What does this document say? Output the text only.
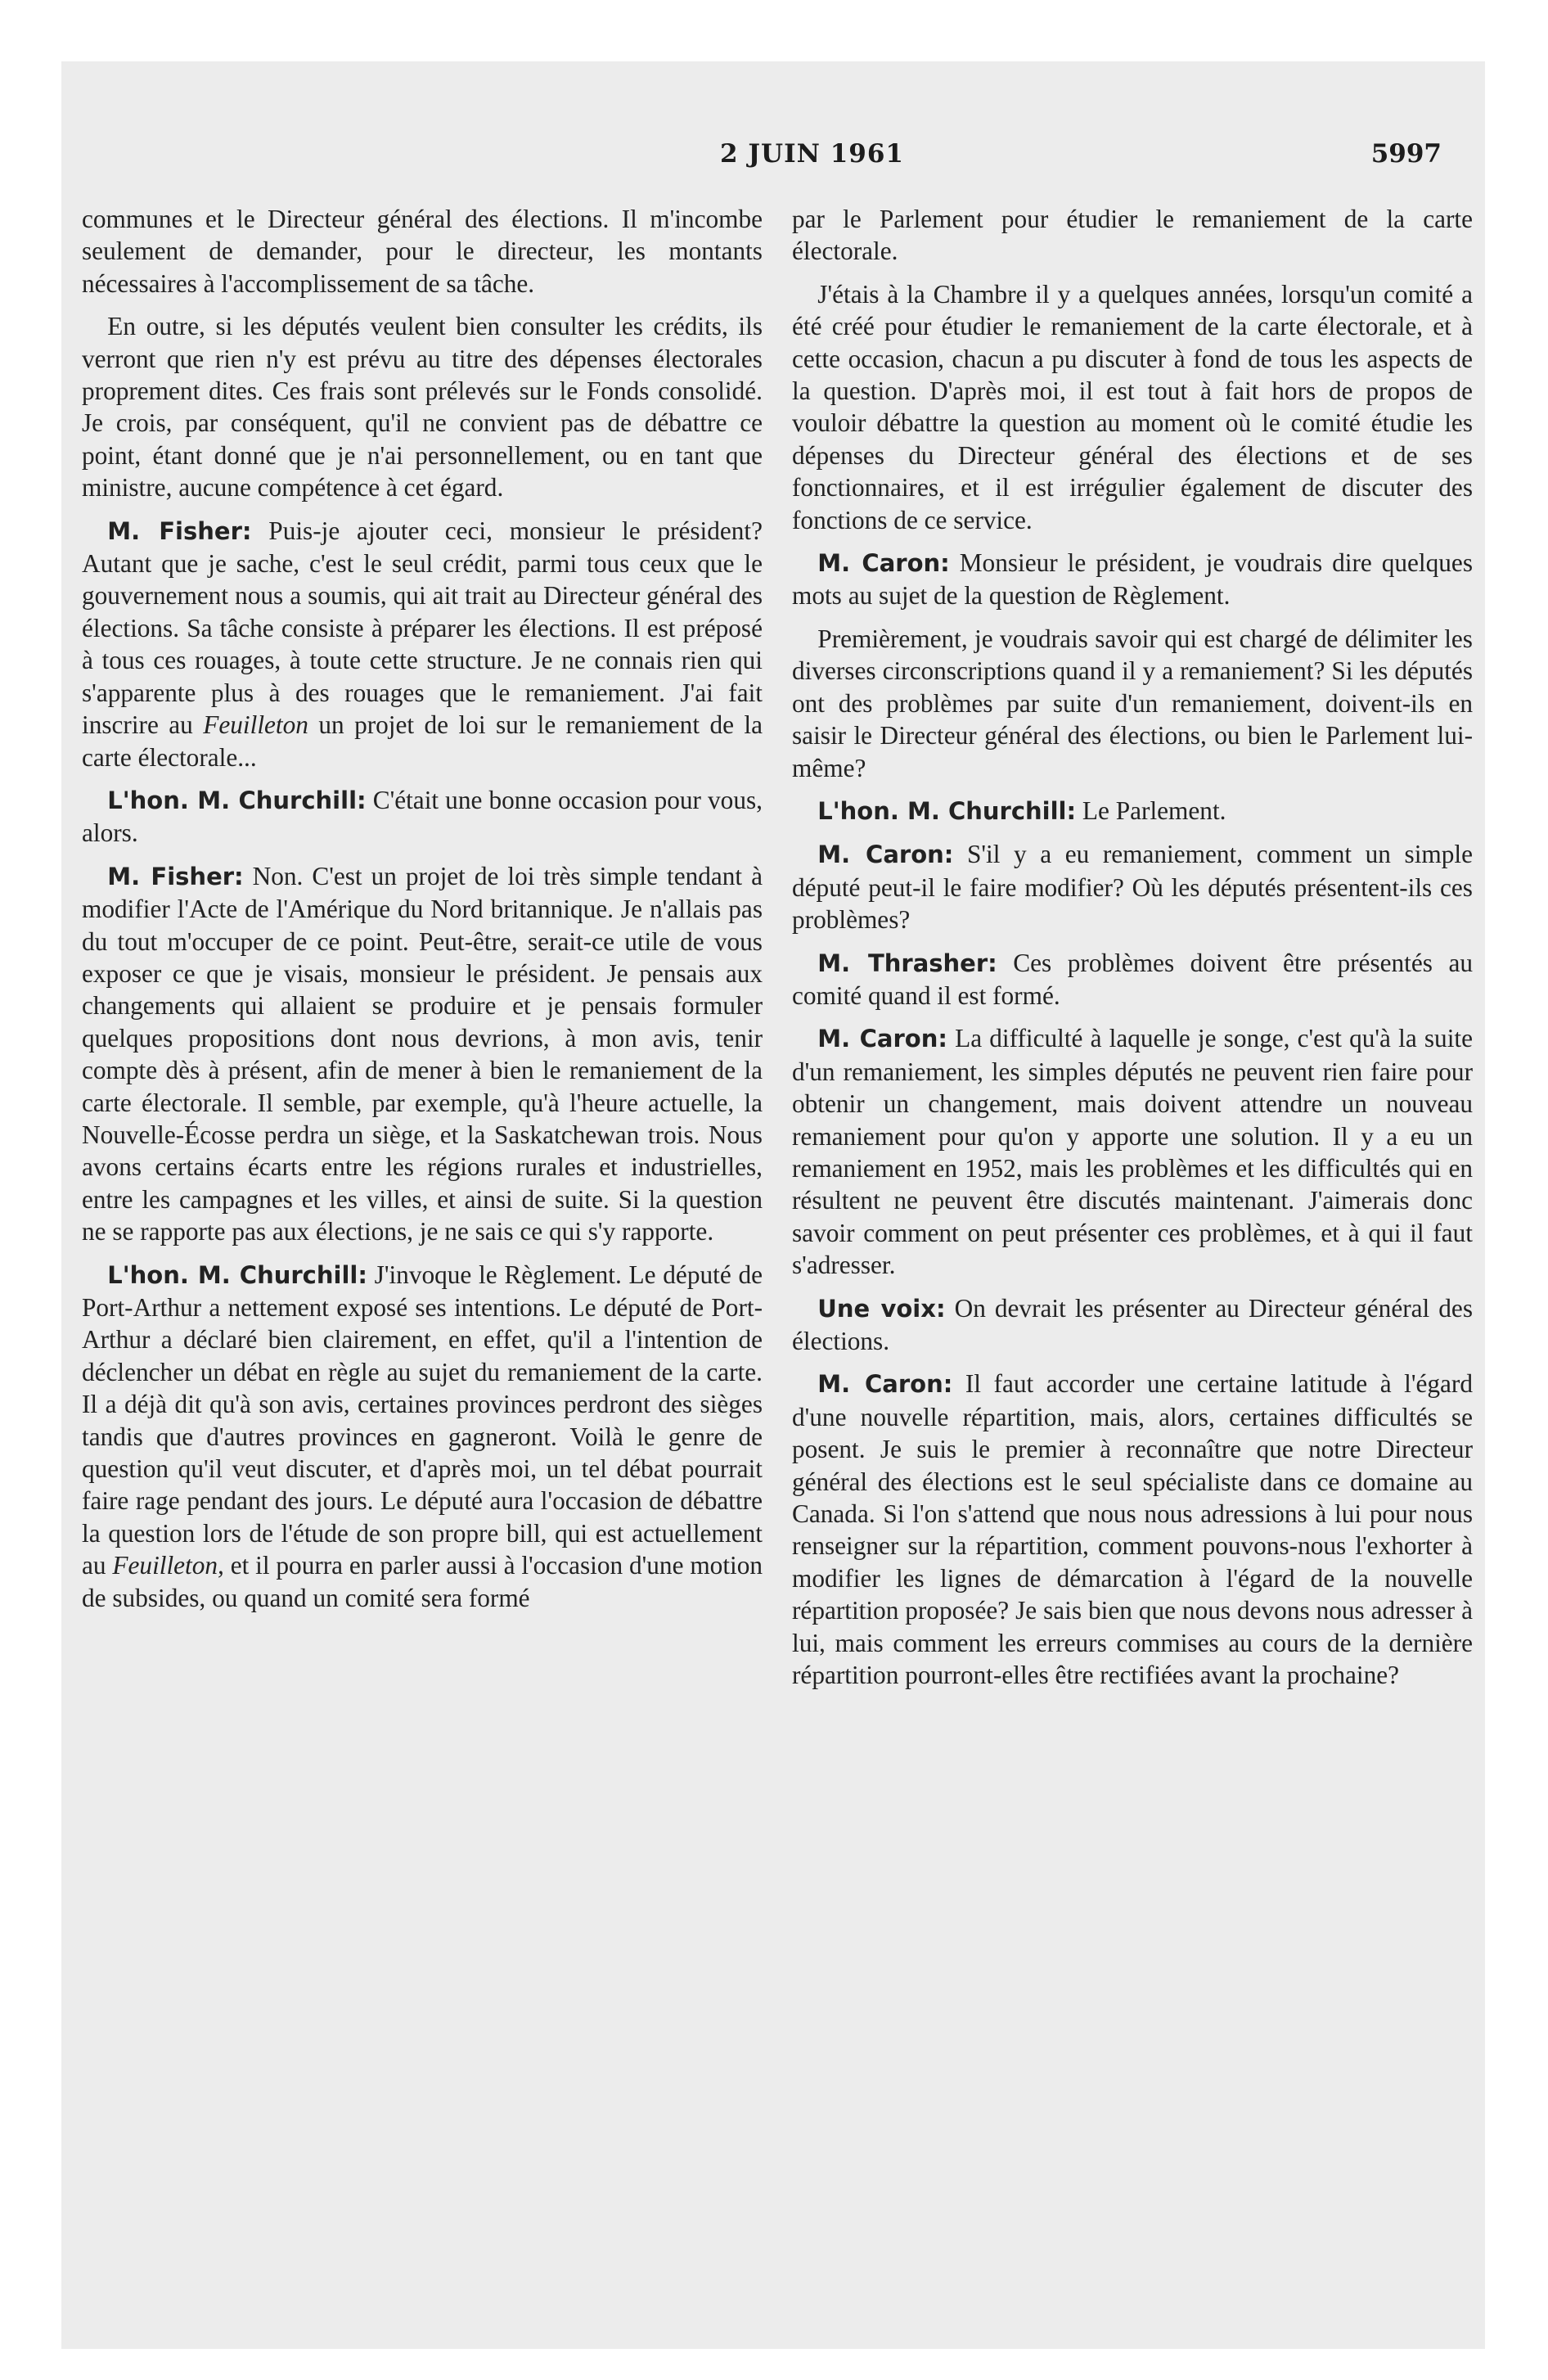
2 JUIN 1961	5997

communes et le Directeur général des élections. Il m'incombe seulement de demander, pour le directeur, les montants nécessaires à l'accomplissement de sa tâche.

En outre, si les députés veulent bien consulter les crédits, ils verront que rien n'y est prévu au titre des dépenses électorales proprement dites. Ces frais sont prélevés sur le Fonds consolidé. Je crois, par conséquent, qu'il ne convient pas de débattre ce point, étant donné que je n'ai personnellement, ou en tant que ministre, aucune compétence à cet égard.

M. Fisher: Puis-je ajouter ceci, monsieur le président? Autant que je sache, c'est le seul crédit, parmi tous ceux que le gouvernement nous a soumis, qui ait trait au Directeur général des élections. Sa tâche consiste à préparer les élections. Il est préposé à tous ces rouages, à toute cette structure. Je ne connais rien qui s'apparente plus à des rouages que le remaniement. J'ai fait inscrire au Feuilleton un projet de loi sur le remaniement de la carte électorale...

L'hon. M. Churchill: C'était une bonne occasion pour vous, alors.

M. Fisher: Non. C'est un projet de loi très simple tendant à modifier l'Acte de l'Amérique du Nord britannique. Je n'allais pas du tout m'occuper de ce point. Peut-être, serait-ce utile de vous exposer ce que je visais, monsieur le président. Je pensais aux changements qui allaient se produire et je pensais formuler quelques propositions dont nous devrions, à mon avis, tenir compte dès à présent, afin de mener à bien le remaniement de la carte électorale. Il semble, par exemple, qu'à l'heure actuelle, la Nouvelle-Écosse perdra un siège, et la Saskatchewan trois. Nous avons certains écarts entre les régions rurales et industrielles, entre les campagnes et les villes, et ainsi de suite. Si la question ne se rapporte pas aux élections, je ne sais ce qui s'y rapporte.

L'hon. M. Churchill: J'invoque le Règlement. Le député de Port-Arthur a nettement exposé ses intentions. Le député de Port-Arthur a déclaré bien clairement, en effet, qu'il a l'intention de déclencher un débat en règle au sujet du remaniement de la carte. Il a déjà dit qu'à son avis, certaines provinces perdront des sièges tandis que d'autres provinces en gagneront. Voilà le genre de question qu'il veut discuter, et d'après moi, un tel débat pourrait faire rage pendant des jours. Le député aura l'occasion de débattre la question lors de l'étude de son propre bill, qui est actuellement au Feuilleton, et il pourra en parler aussi à l'occasion d'une motion de subsides, ou quand un comité sera formé

par le Parlement pour étudier le remaniement de la carte électorale.

J'étais à la Chambre il y a quelques années, lorsqu'un comité a été créé pour étudier le remaniement de la carte électorale, et à cette occasion, chacun a pu discuter à fond de tous les aspects de la question. D'après moi, il est tout à fait hors de propos de vouloir débattre la question au moment où le comité étudie les dépenses du Directeur général des élections et de ses fonctionnaires, et il est irrégulier également de discuter des fonctions de ce service.

M. Caron: Monsieur le président, je voudrais dire quelques mots au sujet de la question de Règlement.

Premièrement, je voudrais savoir qui est chargé de délimiter les diverses circonscriptions quand il y a remaniement? Si les députés ont des problèmes par suite d'un remaniement, doivent-ils en saisir le Directeur général des élections, ou bien le Parlement lui-même?

L'hon. M. Churchill: Le Parlement.

M. Caron: S'il y a eu remaniement, comment un simple député peut-il le faire modifier? Où les députés présentent-ils ces problèmes?

M. Thrasher: Ces problèmes doivent être présentés au comité quand il est formé.

M. Caron: La difficulté à laquelle je songe, c'est qu'à la suite d'un remaniement, les simples députés ne peuvent rien faire pour obtenir un changement, mais doivent attendre un nouveau remaniement pour qu'on y apporte une solution. Il y a eu un remaniement en 1952, mais les problèmes et les difficultés qui en résultent ne peuvent être discutés maintenant. J'aimerais donc savoir comment on peut présenter ces problèmes, et à qui il faut s'adresser.

Une voix: On devrait les présenter au Directeur général des élections.

M. Caron: Il faut accorder une certaine latitude à l'égard d'une nouvelle répartition, mais, alors, certaines difficultés se posent. Je suis le premier à reconnaître que notre Directeur général des élections est le seul spécialiste dans ce domaine au Canada. Si l'on s'attend que nous nous adressions à lui pour nous renseigner sur la répartition, comment pouvons-nous l'exhorter à modifier les lignes de démarcation à l'égard de la nouvelle répartition proposée? Je sais bien que nous devons nous adresser à lui, mais comment les erreurs commises au cours de la dernière répartition pourront-elles être rectifiées avant la prochaine?
